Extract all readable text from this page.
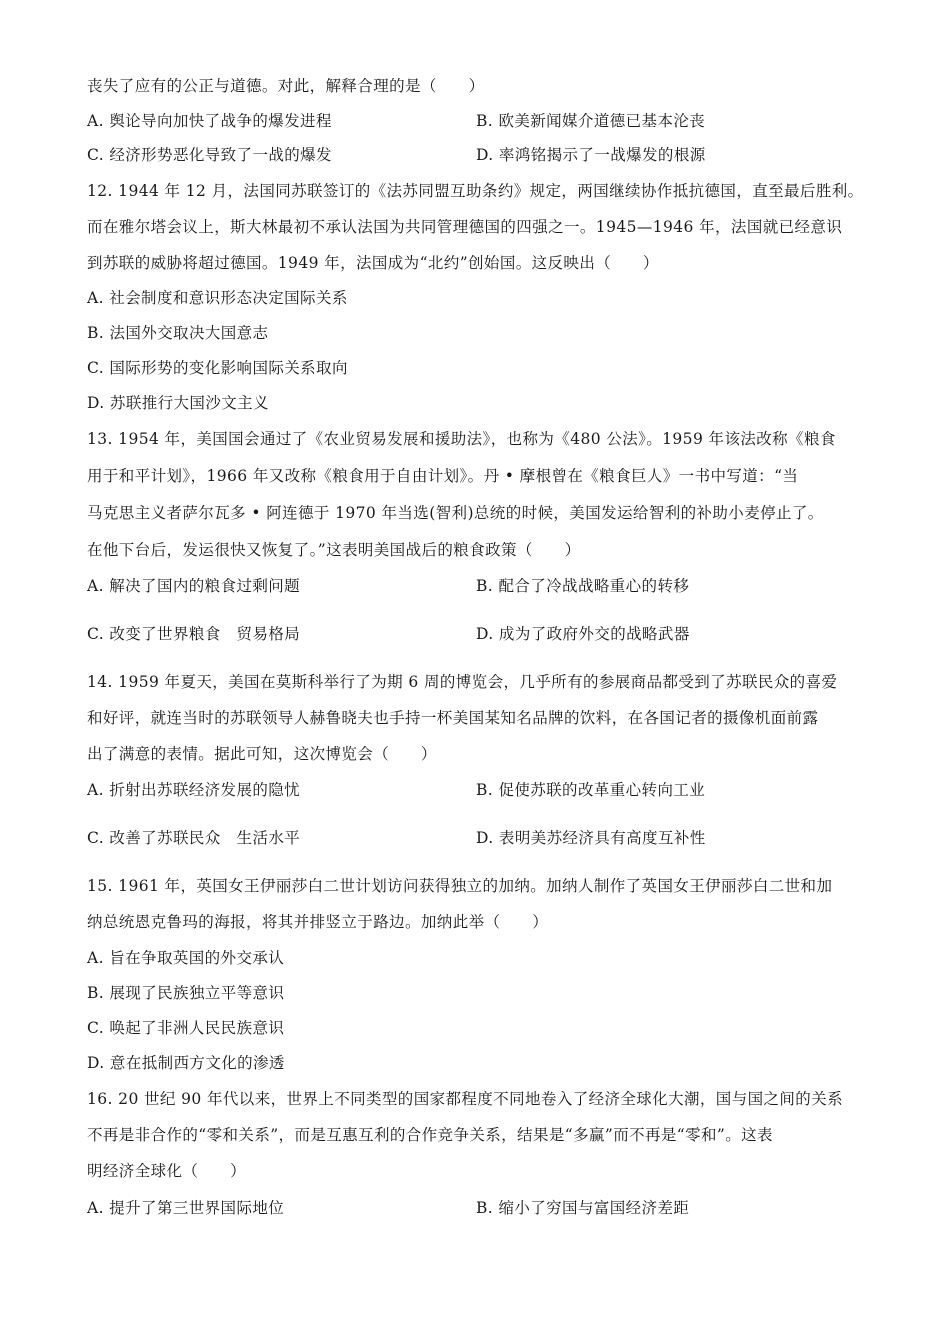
丧失了应有的公正与道德。对此，解释合理的是（　　）
A. 舆论导向加快了战争的爆发进程	B. 欧美新闻媒介道德已基本沦丧
C. 经济形势恶化导致了一战的爆发	D. 率鸿铭揭示了一战爆发的根源
12. 1944 年 12 月，法国同苏联签订的《法苏同盟互助条约》规定，两国继续协作抵抗德国，直至最后胜利。
而在雅尔塔会议上，斯大林最初不承认法国为共同管理德国的四强之一。1945—1946 年，法国就已经意识
到苏联的威胁将超过德国。1949 年，法国成为“北约”创始国。这反映出（　　）
A. 社会制度和意识形态决定国际关系
B. 法国外交取决大国意志
C. 国际形势的变化影响国际关系取向
D. 苏联推行大国沙文主义
13. 1954 年，美国国会通过了《农业贸易发展和援助法》，也称为《480 公法》。1959 年该法改称《粮食
用于和平计划》，1966 年又改称《粮食用于自由计划》。丹 • 摩根曾在《粮食巨人》一书中写道：“当
马克思主义者萨尔瓦多 • 阿连德于 1970 年当选(智利)总统的时候，美国发运给智利的补助小麦停止了。
在他下台后，发运很快又恢复了。”这表明美国战后的粮食政策（　　）
A. 解决了国内的粮食过剩问题	B. 配合了冷战战略重心的转移
C. 改变了世界粮食　贸易格局	D. 成为了政府外交的战略武器
14. 1959 年夏天，美国在莫斯科举行了为期 6 周的博览会，几乎所有的参展商品都受到了苏联民众的喜爱
和好评，就连当时的苏联领导人赫鲁晓夫也手持一杯美国某知名品牌的饮料，在各国记者的摄像机面前露
出了满意的表情。据此可知，这次博览会（　　）
A. 折射出苏联经济发展的隐忧	B. 促使苏联的改革重心转向工业
C. 改善了苏联民众　生活水平	D. 表明美苏经济具有高度互补性
15. 1961 年，英国女王伊丽莎白二世计划访问获得独立的加纳。加纳人制作了英国女王伊丽莎白二世和加
纳总统恩克鲁玛的海报，将其并排竖立于路边。加纳此举（　　）
A. 旨在争取英国的外交承认
B. 展现了民族独立平等意识
C. 唤起了非洲人民民族意识
D. 意在抵制西方文化的渗透
16. 20 世纪 90 年代以来，世界上不同类型的国家都程度不同地卷入了经济全球化大潮，国与国之间的关系
不再是非合作的“零和关系”，而是互惠互利的合作竞争关系，结果是“多赢”而不再是“零和”。这表
明经济全球化（　　）
A. 提升了第三世界国际地位	B. 缩小了穷国与富国经济差距
